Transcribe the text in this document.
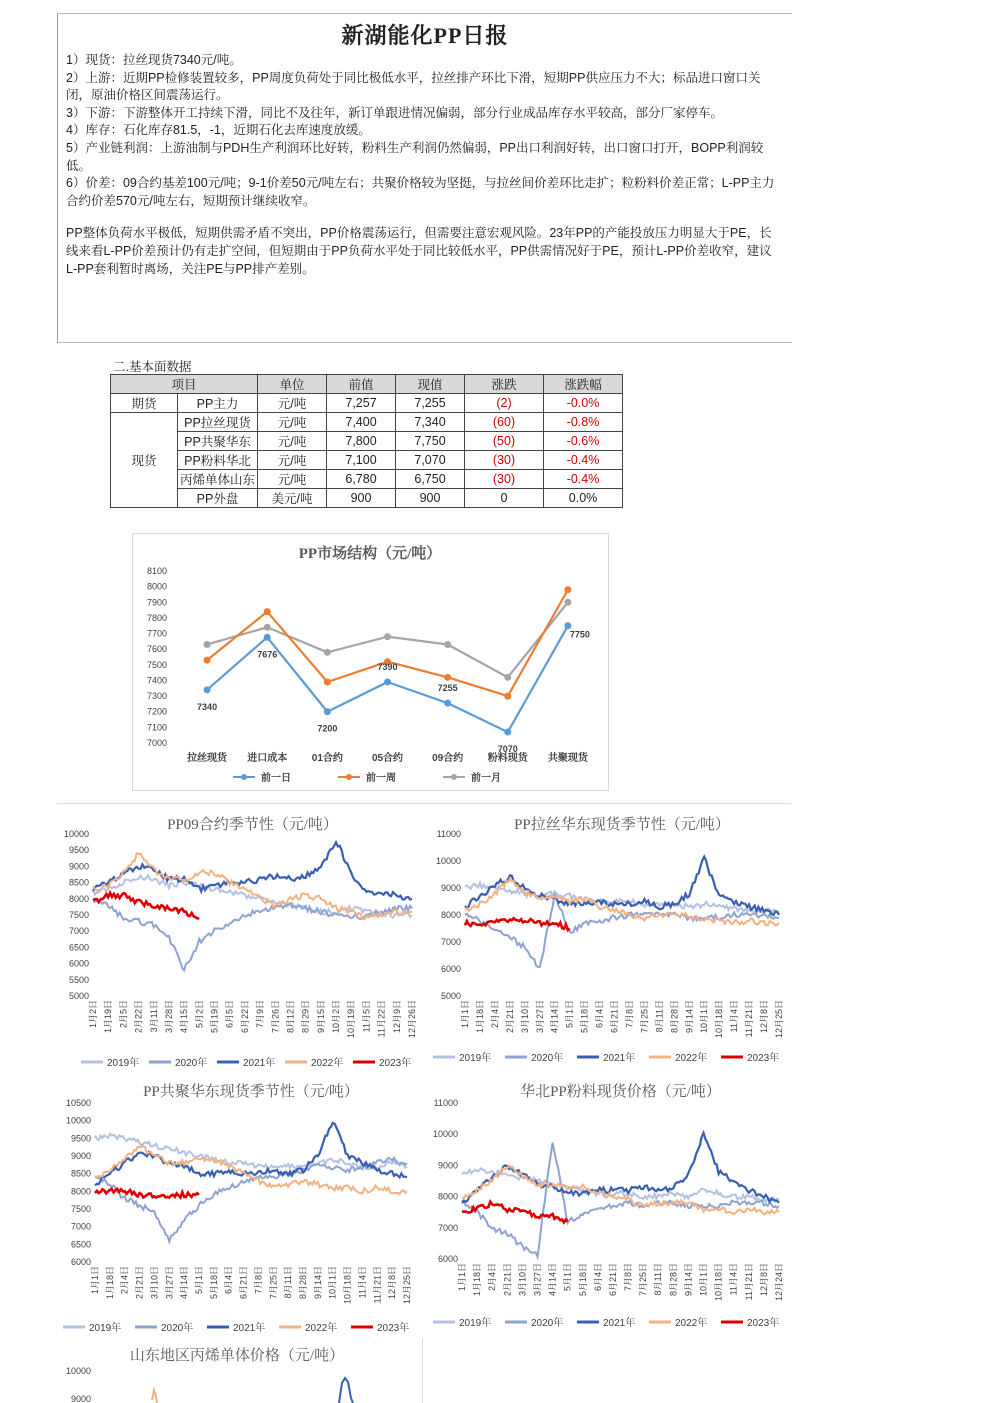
新湖能化PP日报

1）现货：拉丝现货7340元/吨。

2）上游：近期PP检修装置较多，PP周度负荷处于同比极低水平，拉丝排产环比下滑，短期PP供应压力不大；标品进口窗口关闭，原油价格区间震荡运行。

3）下游：下游整体开工持续下滑，同比不及往年，新订单跟进情况偏弱，部分行业成品库存水平较高，部分厂家停车。

4）库存：石化库存81.5，-1，近期石化去库速度放缓。

5）产业链利润：上游油制与PDH生产利润环比好转，粉料生产利润仍然偏弱，PP出口利润好转，出口窗口打开，BOPP利润较低。

6）价差：09合约基差100元/吨；9-1价差50元/吨左右；共聚价格较为坚挺，与拉丝间价差环比走扩；粒粉料价差正常；L-PP主力合约价差570元/吨左右，短期预计继续收窄。

PP整体负荷水平极低，短期供需矛盾不突出，PP价格震荡运行，但需要注意宏观风险。23年PP的产能投放压力明显大于PE，长线来看L-PP价差预计仍有走扩空间，但短期由于PP负荷水平处于同比较低水平，PP供需情况好于PE，预计L-PP价差收窄，建议L-PP套利暂时离场，关注PE与PP排产差别。

二.基本面数据
项目		单位	前值	现值	涨跌	涨跌幅
期货	PP主力	元/吨	7,257	7,255	(2)	-0.0%
现货	PP拉丝现货	元/吨	7,400	7,340	(60)	-0.8%
	PP共聚华东	元/吨	7,800	7,750	(50)	-0.6%
	PP粉料华北	元/吨	7,100	7,070	(30)	-0.4%
	丙烯单体山东	元/吨	6,780	6,750	(30)	-0.4%
	PP外盘	美元/吨	900	900	0	0.0%
PP市场结构（元/吨）
7000
7100
7200
7300
7400
7500
7600
7700
7800
7900
8000
8100
拉丝现货 进口成本 01合约	05合约	09合约 粉料现货 共聚现货
7340
7676
7200
7390
7255
7070
7750
前一日	前一周	前一月
PP09合约季节性（元/吨）
5000
5500
6000
6500
7000
7500
8000
8500
9000
9500
10000
1月2日 1月19日 2月5日 2月22日 3月11日 3月28日 4月15日 5月2日 5月19日 6月5日 6月22日 7月9日 7月26日 8月12日 8月29日 9月15日 10月2日 10月19日 11月5日 11月22日 12月9日 12月26日
2019年	2020年	2021年	2022年	2023年
PP拉丝华东现货季节性（元/吨）
5000
6000
7000
8000
9000
10000
11000
1月1日 1月18日 2月4日 2月21日 3月10日 3月27日 4月14日 5月1日 5月18日 6月4日 6月21日 7月8日 7月25日 8月11日 8月28日 9月14日 10月1日 10月18日 11月4日 11月21日 12月8日 12月25日
2019年	2020年	2021年	2022年	2023年
PP共聚华东现货季节性（元/吨）
6000
6500
7000
7500
8000
8500
9000
9500
10000
10500
1月1日 1月18日 2月4日 2月21日 3月10日 3月27日 4月14日 5月1日 5月18日 6月4日 6月21日 7月8日 7月25日 8月11日 8月28日 9月14日 10月1日 10月18日 11月4日 11月21日 12月8日 12月25日
2019年	2020年	2021年	2022年	2023年
华北PP粉料现货价格（元/吨）
6000
7000
8000
9000
10000
11000
1月1日 1月18日 2月4日 2月21日 3月10日 3月27日 4月14日 5月1日 5月18日 6月4日 6月21日 7月8日 7月25日 8月11日 8月28日 9月14日 10月1日 10月18日 11月4日 11月21日 12月8日 12月24日
2019年	2020年	2021年	2022年	2023年
山东地区丙烯单体价格（元/吨）
10000
9000
